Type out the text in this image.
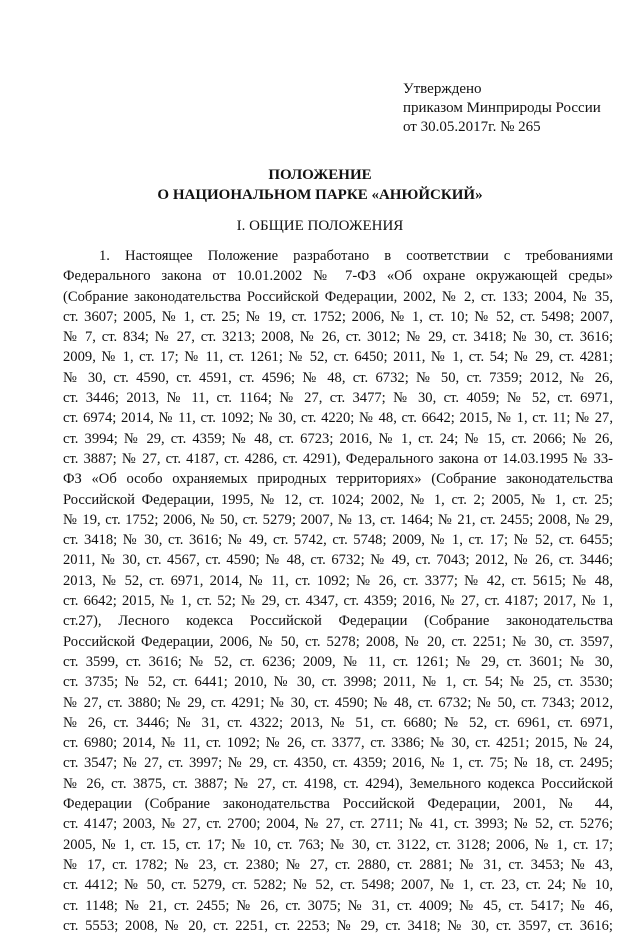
Утверждено
приказом Минприроды России
от 30.05.2017г. № 265
ПОЛОЖЕНИЕ
О НАЦИОНАЛЬНОМ ПАРКЕ «АНЮЙСКИЙ»
I. ОБЩИЕ ПОЛОЖЕНИЯ
1. Настоящее Положение разработано в соответствии с требованиями
Федерального закона от 10.01.2002 № 7-ФЗ «Об охране окружающей среды»
(Собрание законодательства Российской Федерации, 2002, № 2, ст. 133; 2004, № 35,
ст. 3607; 2005, № 1, ст. 25; № 19, ст. 1752; 2006, № 1, ст. 10; № 52, ст. 5498; 2007,
№ 7, ст. 834; № 27, ст. 3213; 2008, № 26, ст. 3012; № 29, ст. 3418; № 30, ст. 3616;
2009, № 1, ст. 17; № 11, ст. 1261; № 52, ст. 6450; 2011, № 1, ст. 54; № 29, ст. 4281;
№ 30, ст. 4590, ст. 4591, ст. 4596; № 48, ст. 6732; № 50, ст. 7359; 2012, № 26,
ст. 3446; 2013, № 11, ст. 1164; № 27, ст. 3477; № 30, ст. 4059; № 52, ст. 6971,
ст. 6974; 2014, № 11, ст. 1092; № 30, ст. 4220; № 48, ст. 6642; 2015, № 1, ст. 11; № 27,
ст. 3994; № 29, ст. 4359; № 48, ст. 6723; 2016, № 1, ст. 24; № 15, ст. 2066; № 26,
ст. 3887; № 27, ст. 4187, ст. 4286, ст. 4291), Федерального закона от 14.03.1995 № 33-
ФЗ «Об особо охраняемых природных территориях» (Собрание законодательства
Российской Федерации, 1995, № 12, ст. 1024; 2002, № 1, ст. 2; 2005, № 1, ст. 25;
№ 19, ст. 1752; 2006, № 50, ст. 5279; 2007, № 13, ст. 1464; № 21, ст. 2455; 2008, № 29,
ст. 3418; № 30, ст. 3616; № 49, ст. 5742, ст. 5748; 2009, № 1, ст. 17; № 52, ст. 6455;
2011, № 30, ст. 4567, ст. 4590; № 48, ст. 6732; № 49, ст. 7043; 2012, № 26, ст. 3446;
2013, № 52, ст. 6971, 2014, № 11, ст. 1092; № 26, ст. 3377; № 42, ст. 5615; № 48,
ст. 6642; 2015, № 1, ст. 52; № 29, ст. 4347, ст. 4359; 2016, № 27, ст. 4187; 2017, № 1,
ст.27), Лесного кодекса Российской Федерации (Собрание законодательства
Российской Федерации, 2006, № 50, ст. 5278; 2008, № 20, ст. 2251; № 30, ст. 3597,
ст. 3599, ст. 3616; № 52, ст. 6236; 2009, № 11, ст. 1261; № 29, ст. 3601; № 30,
ст. 3735; № 52, ст. 6441; 2010, № 30, ст. 3998; 2011, № 1, ст. 54; № 25, ст. 3530;
№ 27, ст. 3880; № 29, ст. 4291; № 30, ст. 4590; № 48, ст. 6732; № 50, ст. 7343; 2012,
№ 26, ст. 3446; № 31, ст. 4322; 2013, № 51, ст. 6680; № 52, ст. 6961, ст. 6971,
ст. 6980; 2014, № 11, ст. 1092; № 26, ст. 3377, ст. 3386; № 30, ст. 4251; 2015, № 24,
ст. 3547; № 27, ст. 3997; № 29, ст. 4350, ст. 4359; 2016, № 1, ст. 75; № 18, ст. 2495;
№ 26, ст. 3875, ст. 3887; № 27, ст. 4198, ст. 4294), Земельного кодекса Российской
Федерации (Собрание законодательства Российской Федерации, 2001, № 44,
ст. 4147; 2003, № 27, ст. 2700; 2004, № 27, ст. 2711; № 41, ст. 3993; № 52, ст. 5276;
2005, № 1, ст. 15, ст. 17; № 10, ст. 763; № 30, ст. 3122, ст. 3128; 2006, № 1, ст. 17;
№ 17, ст. 1782; № 23, ст. 2380; № 27, ст. 2880, ст. 2881; № 31, ст. 3453; № 43,
ст. 4412; № 50, ст. 5279, ст. 5282; № 52, ст. 5498; 2007, № 1, ст. 23, ст. 24; № 10,
ст. 1148; № 21, ст. 2455; № 26, ст. 3075; № 31, ст. 4009; № 45, ст. 5417; № 46,
ст. 5553; 2008, № 20, ст. 2251, ст. 2253; № 29, ст. 3418; № 30, ст. 3597, ст. 3616;
